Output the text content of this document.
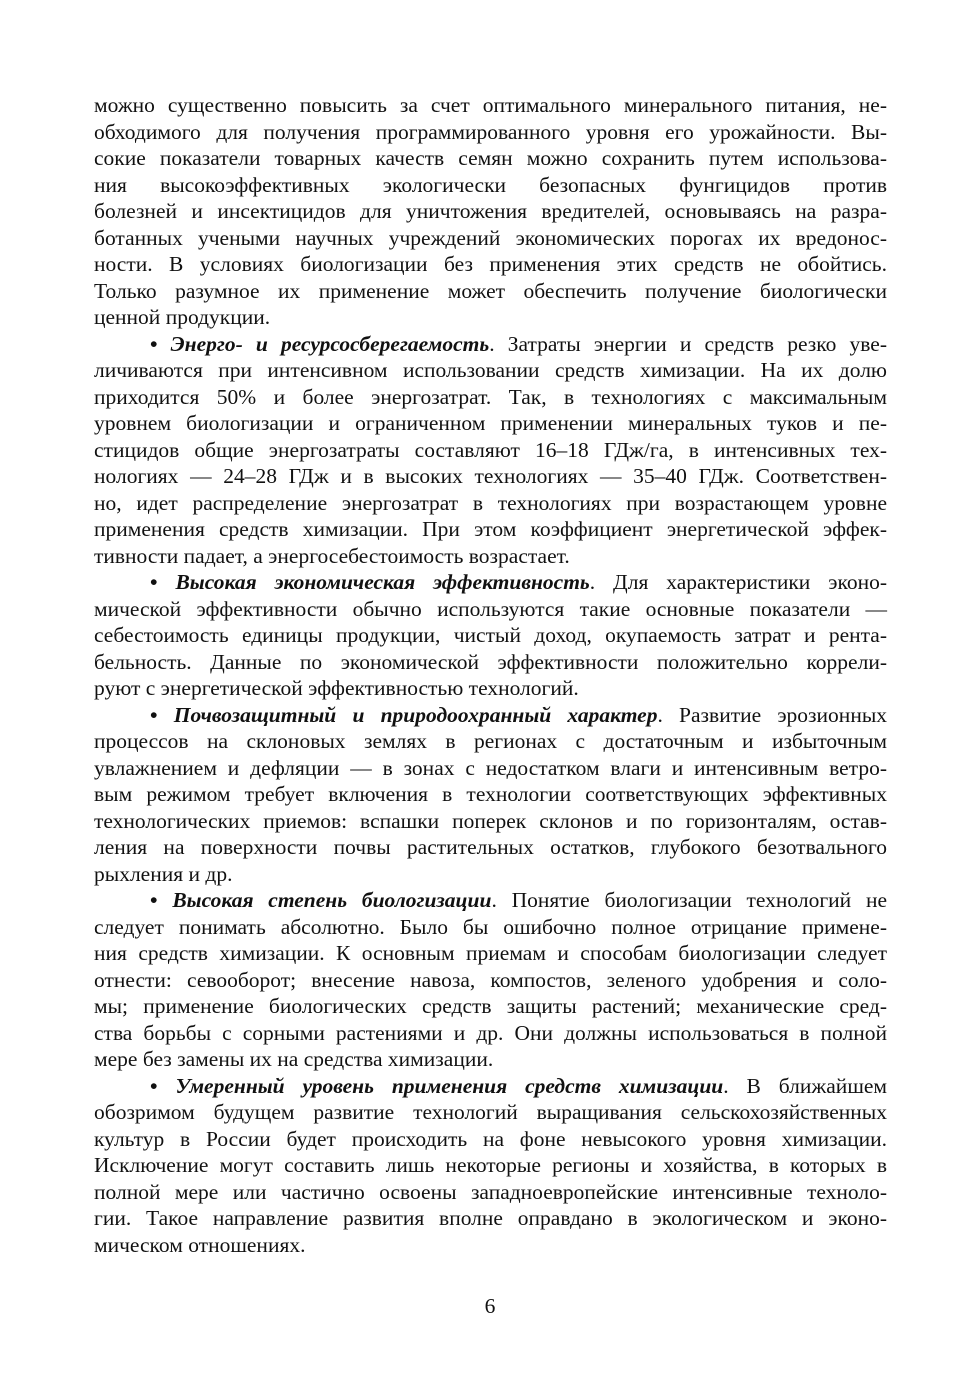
можно существенно повысить за счет оптимального минерального питания, не-
обходимого для получения программированного уровня его урожайности. Вы-
сокие показатели товарных качеств семян можно сохранить путем использова-
ния высокоэффективных экологически безопасных фунгицидов против
болезней и инсектицидов для уничтожения вредителей, основываясь на разра-
ботанных учеными научных учреждений экономических порогах их вредонос-
ности. В условиях биологизации без применения этих средств не обойтись.
Только разумное их применение может обеспечить получение биологически
ценной продукции.
• Энерго- и ресурсосберегаемость. Затраты энергии и средств резко уве-
личиваются при интенсивном использовании средств химизации. На их долю
приходится 50% и более энергозатрат. Так, в технологиях с максимальным
уровнем биологизации и ограниченном применении минеральных туков и пе-
стицидов общие энергозатраты составляют 16–18 ГДж/га, в интенсивных тех-
нологиях — 24–28 ГДж и в высоких технологиях — 35–40 ГДж. Соответствен-
но, идет распределение энергозатрат в технологиях при возрастающем уровне
применения средств химизации. При этом коэффициент энергетической эффек-
тивности падает, а энергосебестоимость возрастает.
• Высокая экономическая эффективность. Для характеристики эконо-
мической эффективности обычно используются такие основные показатели —
себестоимость единицы продукции, чистый доход, окупаемость затрат и рента-
бельность. Данные по экономической эффективности положительно коррели-
руют с энергетической эффективностью технологий.
• Почвозащитный и природоохранный характер. Развитие эрозионных
процессов на склоновых землях в регионах с достаточным и избыточным
увлажнением и дефляции — в зонах с недостатком влаги и интенсивным ветро-
вым режимом требует включения в технологии соответствующих эффективных
технологических приемов: вспашки поперек склонов и по горизонталям, остав-
ления на поверхности почвы растительных остатков, глубокого безотвального
рыхления и др.
• Высокая степень биологизации. Понятие биологизации технологий не
следует понимать абсолютно. Было бы ошибочно полное отрицание примене-
ния средств химизации. К основным приемам и способам биологизации следует
отнести: севооборот; внесение навоза, компостов, зеленого удобрения и соло-
мы; применение биологических средств защиты растений; механические сред-
ства борьбы с сорными растениями и др. Они должны использоваться в полной
мере без замены их на средства химизации.
• Умеренный уровень применения средств химизации. В ближайшем
обозримом будущем развитие технологий выращивания сельскохозяйственных
культур в России будет происходить на фоне невысокого уровня химизации.
Исключение могут составить лишь некоторые регионы и хозяйства, в которых в
полной мере или частично освоены западноевропейские интенсивные техноло-
гии. Такое направление развития вполне оправдано в экологическом и эконо-
мическом отношениях.
6
